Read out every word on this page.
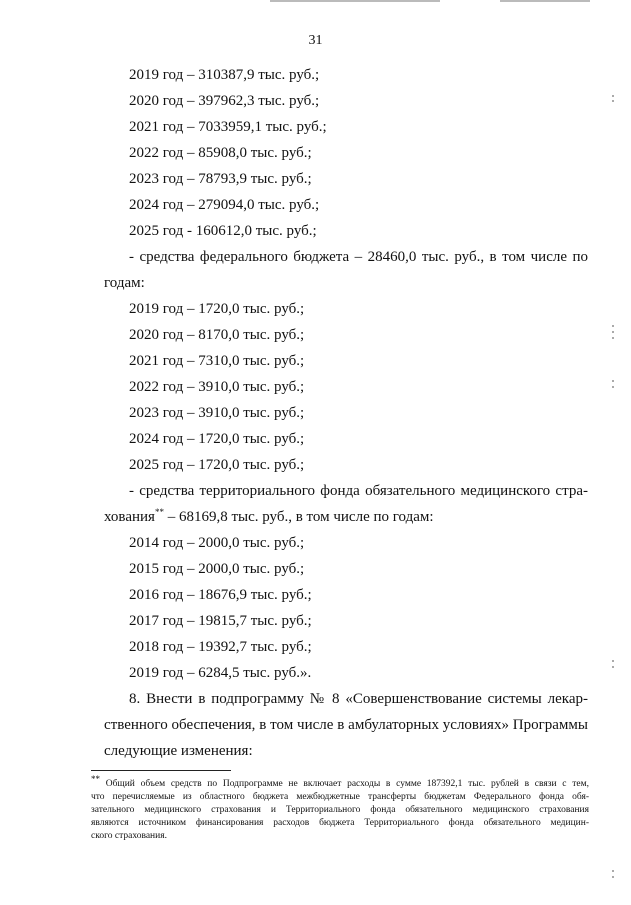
31
2019 год – 310387,9 тыс. руб.;
2020 год – 397962,3 тыс. руб.;
2021 год – 7033959,1 тыс. руб.;
2022 год – 85908,0 тыс. руб.;
2023 год – 78793,9 тыс. руб.;
2024 год – 279094,0 тыс. руб.;
2025 год - 160612,0 тыс. руб.;
- средства федерального бюджета – 28460,0 тыс. руб., в том числе по
годам:
2019 год – 1720,0 тыс. руб.;
2020 год – 8170,0 тыс. руб.;
2021 год – 7310,0 тыс. руб.;
2022 год – 3910,0 тыс. руб.;
2023 год – 3910,0 тыс. руб.;
2024 год – 1720,0 тыс. руб.;
2025 год – 1720,0 тыс. руб.;
- средства территориального фонда обязательного медицинского стра-
хования** – 68169,8 тыс. руб., в том числе по годам:
2014 год – 2000,0 тыс. руб.;
2015 год – 2000,0 тыс. руб.;
2016 год – 18676,9 тыс. руб.;
2017 год – 19815,7 тыс. руб.;
2018 год – 19392,7 тыс. руб.;
2019 год – 6284,5 тыс. руб.».
8. Внести в подпрограмму № 8 «Совершенствование системы лекар-
ственного обеспечения, в том числе в амбулаторных условиях» Программы
следующие изменения:
** Общий объем средств по Подпрограмме не включает расходы в сумме 187392,1 тыс. рублей в связи с тем,
что перечисляемые из областного бюджета межбюджетные трансферты бюджетам Федерального фонда обя-
зательного медицинского страхования и Территориального фонда обязательного медицинского страхования
являются источником финансирования расходов бюджета Территориального фонда обязательного медицин-
ского страхования.
